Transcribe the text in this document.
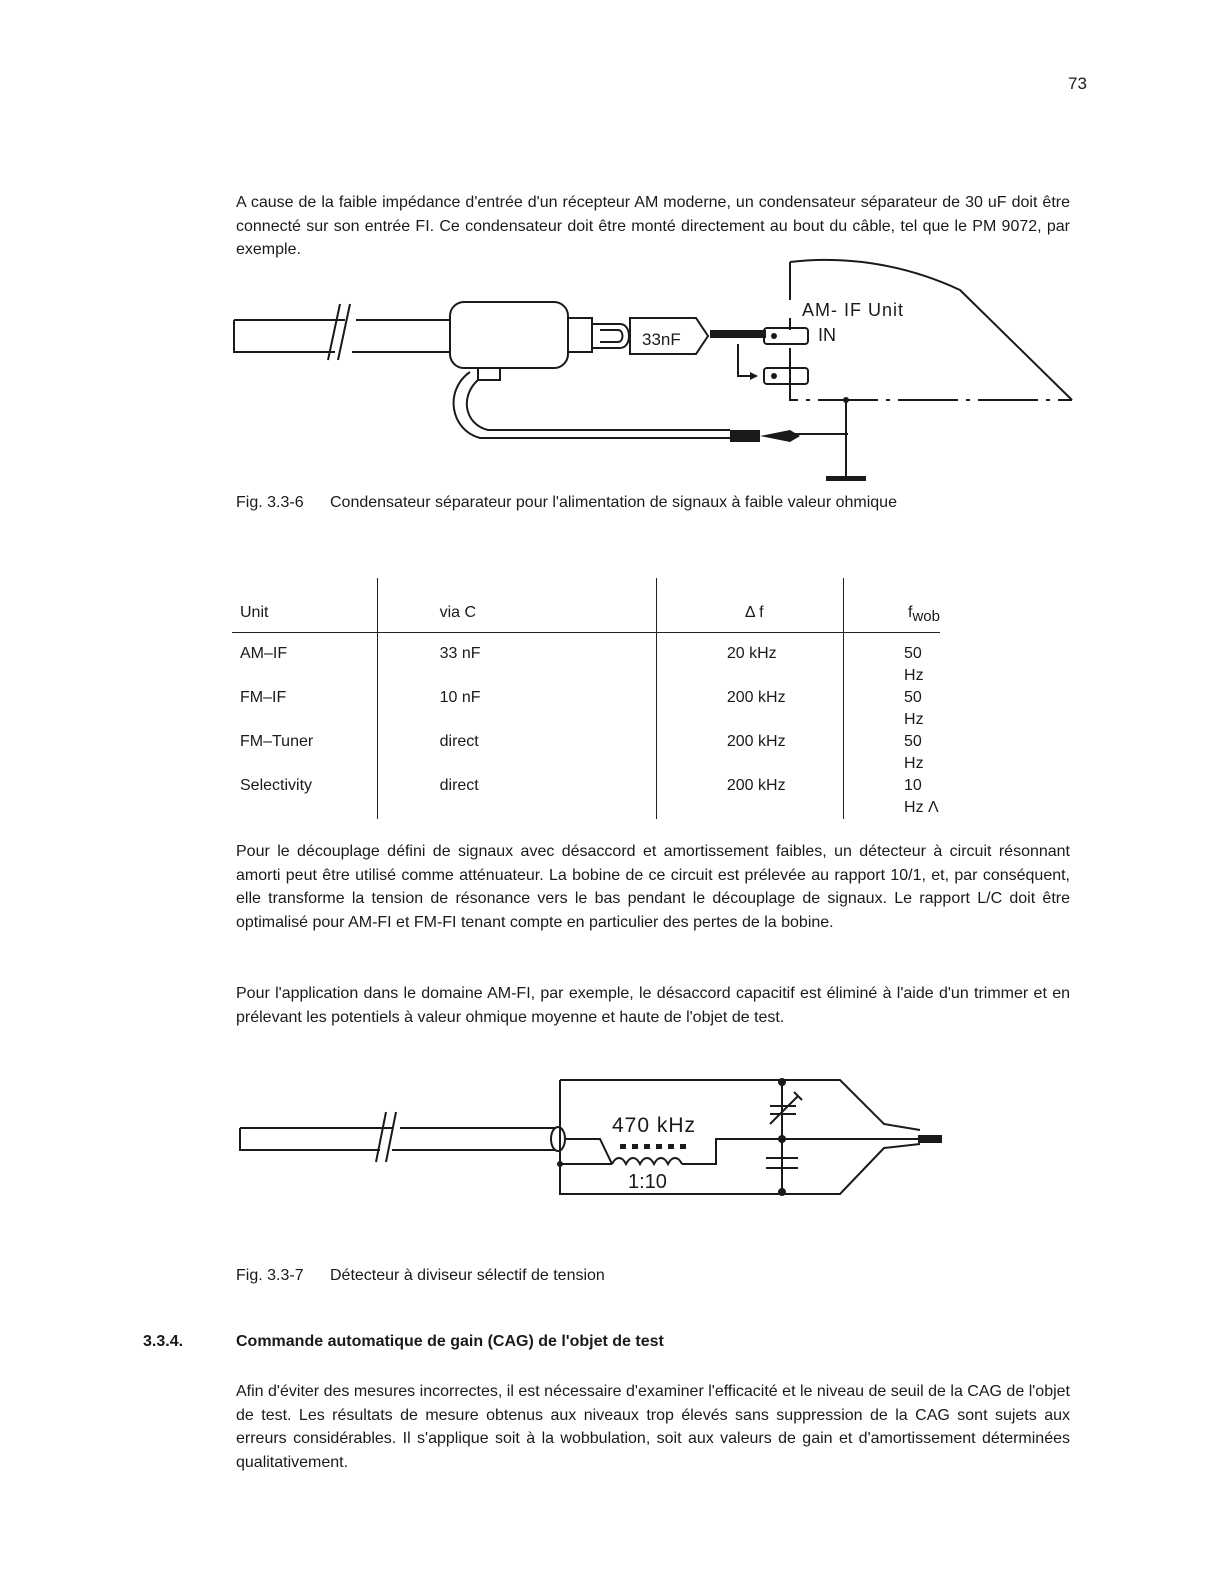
73

A cause de la faible impédance d'entrée d'un récepteur AM moderne, un condensateur séparateur de 30 uF doit être connecté sur son entrée FI. Ce condensateur doit être monté directement au bout du câble, tel que le PM 9072, par exemple.

33nF
AM- IF Unit
IN
Fig. 3.3-6 Condensateur séparateur pour l'alimentation de signaux à faible valeur ohmique
Unit	via C	Δ f	fwob
AM–IF	33 nF	20 kHz	50 Hz
FM–IF	10 nF	200 kHz	50 Hz
FM–Tuner	direct	200 kHz	50 Hz
Selectivity	direct	200 kHz	10 Hz Λ

Pour le découplage défini de signaux avec désaccord et amortissement faibles, un détecteur à circuit résonnant amorti peut être utilisé comme atténuateur. La bobine de ce circuit est prélevée au rapport 10/1, et, par conséquent, elle transforme la tension de résonance vers le bas pendant le découplage de signaux. Le rapport L/C doit être optimalisé pour AM-FI et FM-FI tenant compte en particulier des pertes de la bobine.

Pour l'application dans le domaine AM-FI, par exemple, le désaccord capacitif est éliminé à l'aide d'un trimmer et en prélevant les potentiels à valeur ohmique moyenne et haute de l'objet de test.

470 kHz
1:10
Fig. 3.3-7 Détecteur à diviseur sélectif de tension
3.3.4.	Commande automatique de gain (CAG) de l'objet de test

Afin d'éviter des mesures incorrectes, il est nécessaire d'examiner l'efficacité et le niveau de seuil de la CAG de l'objet de test. Les résultats de mesure obtenus aux niveaux trop élevés sans suppression de la CAG sont sujets aux erreurs considérables. Il s'applique soit à la wobbulation, soit aux valeurs de gain et d'amortissement déterminées qualitativement.
